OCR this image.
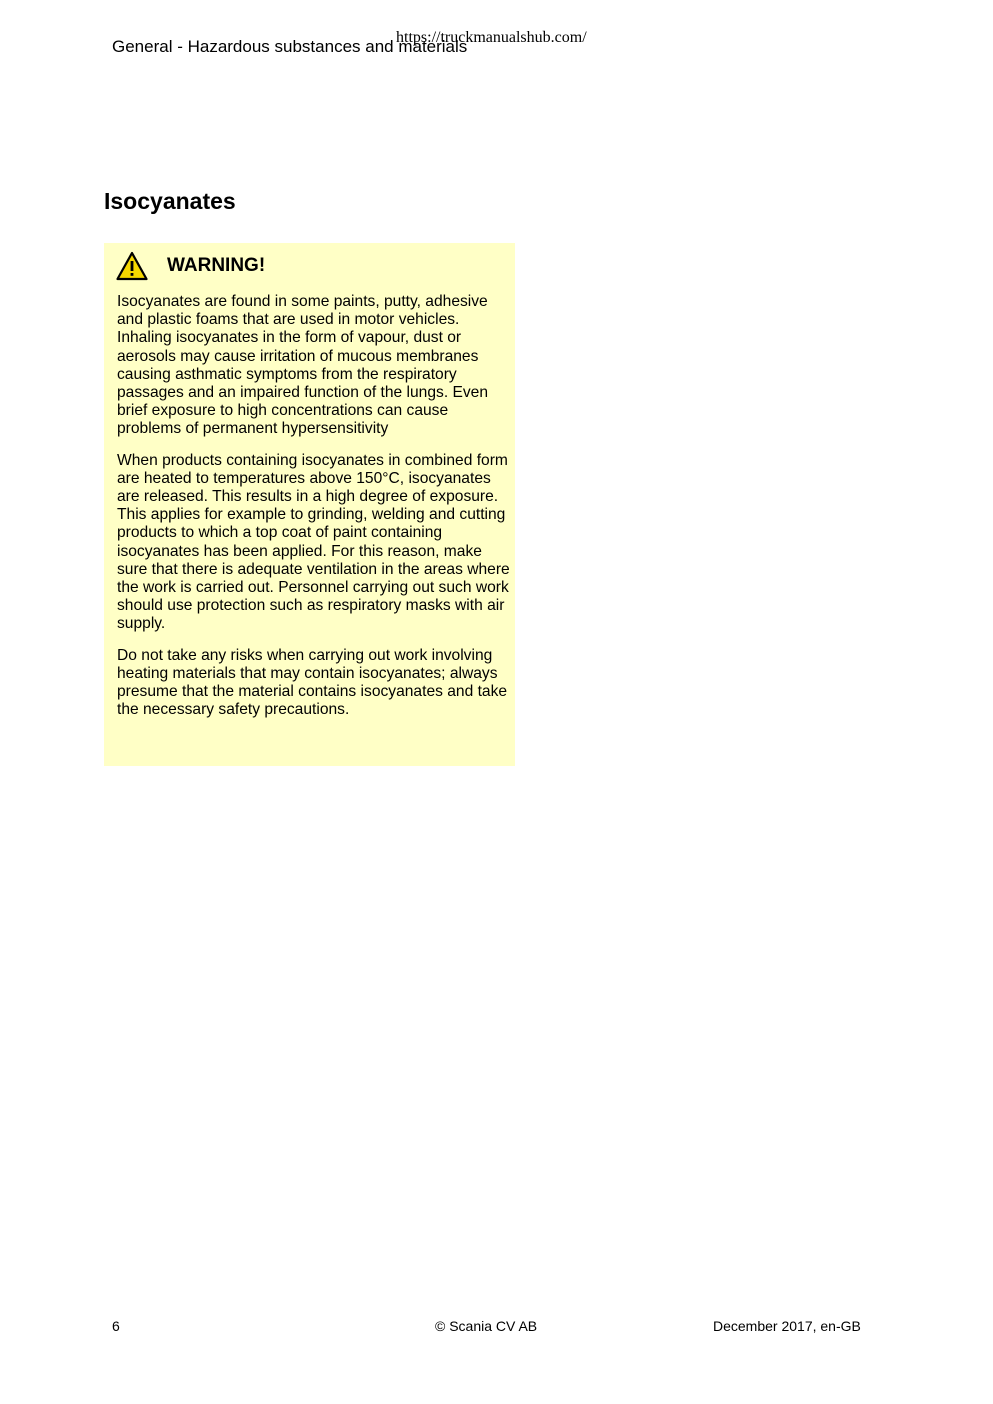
General - Hazardous substances and materials
https://truckmanualshub.com/
Isocyanates
WARNING!

Isocyanates are found in some paints, putty, adhesive and plastic foams that are used in motor vehicles. Inhaling isocyanates in the form of vapour, dust or aerosols may cause irritation of mucous membranes causing asthmatic symptoms from the respiratory passages and an impaired function of the lungs. Even brief exposure to high concentrations can cause problems of permanent hypersensitivity

When products containing isocyanates in combined form are heated to temperatures above 150°C, isocyanates are released. This results in a high degree of exposure. This applies for example to grinding, welding and cutting products to which a top coat of paint containing isocyanates has been applied. For this reason, make sure that there is adequate ventilation in the areas where the work is carried out. Personnel carrying out such work should use protection such as respiratory masks with air supply.

Do not take any risks when carrying out work involving heating materials that may contain isocyanates; always presume that the material contains isocyanates and take the necessary safety precautions.

6	© Scania CV AB	December 2017, en-GB
